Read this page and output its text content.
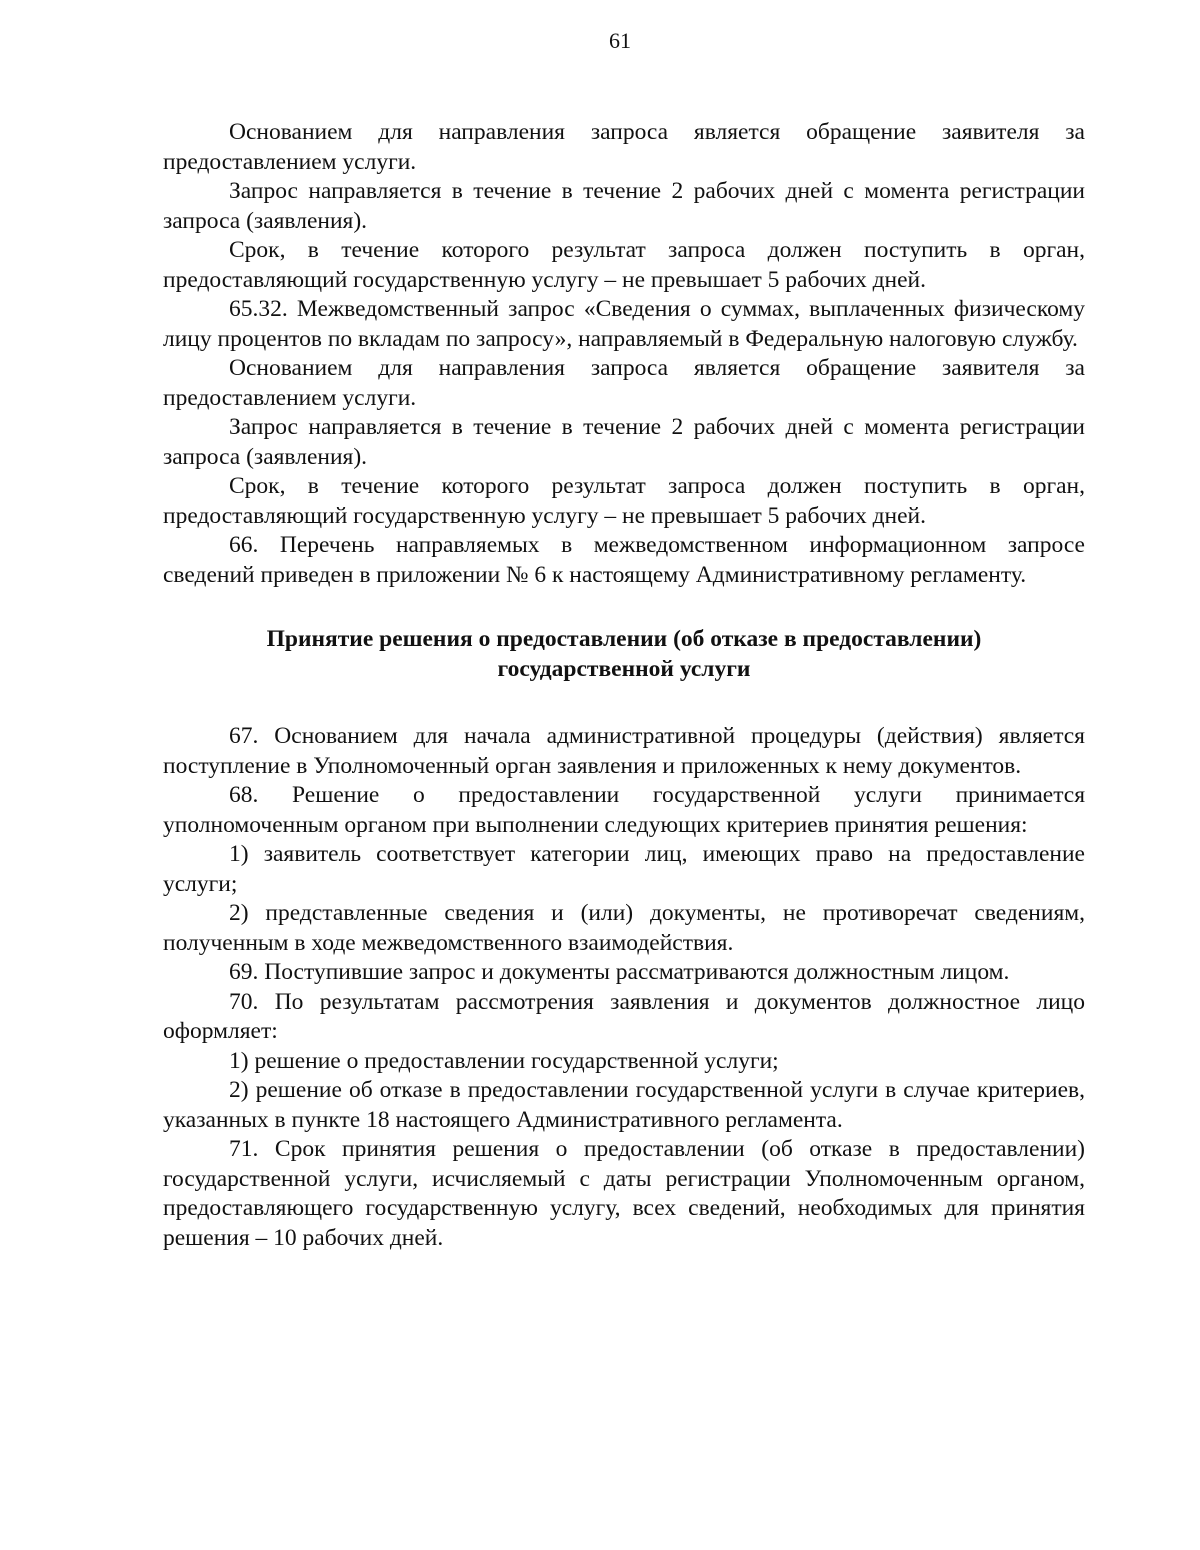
61

Основанием для направления запроса является обращение заявителя за предоставлением услуги.

Запрос направляется в течение в течение 2 рабочих дней с момента регистрации запроса (заявления).

Срок, в течение которого результат запроса должен поступить в орган, предоставляющий государственную услугу – не превышает 5 рабочих дней.

65.32. Межведомственный запрос «Сведения о суммах, выплаченных физическому лицу процентов по вкладам по запросу», направляемый в Федеральную налоговую службу.

Основанием для направления запроса является обращение заявителя за предоставлением услуги.

Запрос направляется в течение в течение 2 рабочих дней с момента регистрации запроса (заявления).

Срок, в течение которого результат запроса должен поступить в орган, предоставляющий государственную услугу – не превышает 5 рабочих дней.

66. Перечень направляемых в межведомственном информационном запросе сведений приведен в приложении № 6 к настоящему Административному регламенту.

Принятие решения о предоставлении (об отказе в предоставлении)
государственной услуги

67. Основанием для начала административной процедуры (действия) является поступление в Уполномоченный орган заявления и приложенных к нему документов.

68. Решение о предоставлении государственной услуги принимается уполномоченным органом при выполнении следующих критериев принятия решения:

1) заявитель соответствует категории лиц, имеющих право на предоставление услуги;

2) представленные сведения и (или) документы, не противоречат сведениям, полученным в ходе межведомственного взаимодействия.

69. Поступившие запрос и документы рассматриваются должностным лицом.

70. По результатам рассмотрения заявления и документов должностное лицо оформляет:

1) решение о предоставлении государственной услуги;

2) решение об отказе в предоставлении государственной услуги в случае критериев, указанных в пункте 18 настоящего Административного регламента.

71. Срок принятия решения о предоставлении (об отказе в предоставлении) государственной услуги, исчисляемый с даты регистрации Уполномоченным органом, предоставляющего государственную услугу, всех сведений, необходимых для принятия решения – 10 рабочих дней.
